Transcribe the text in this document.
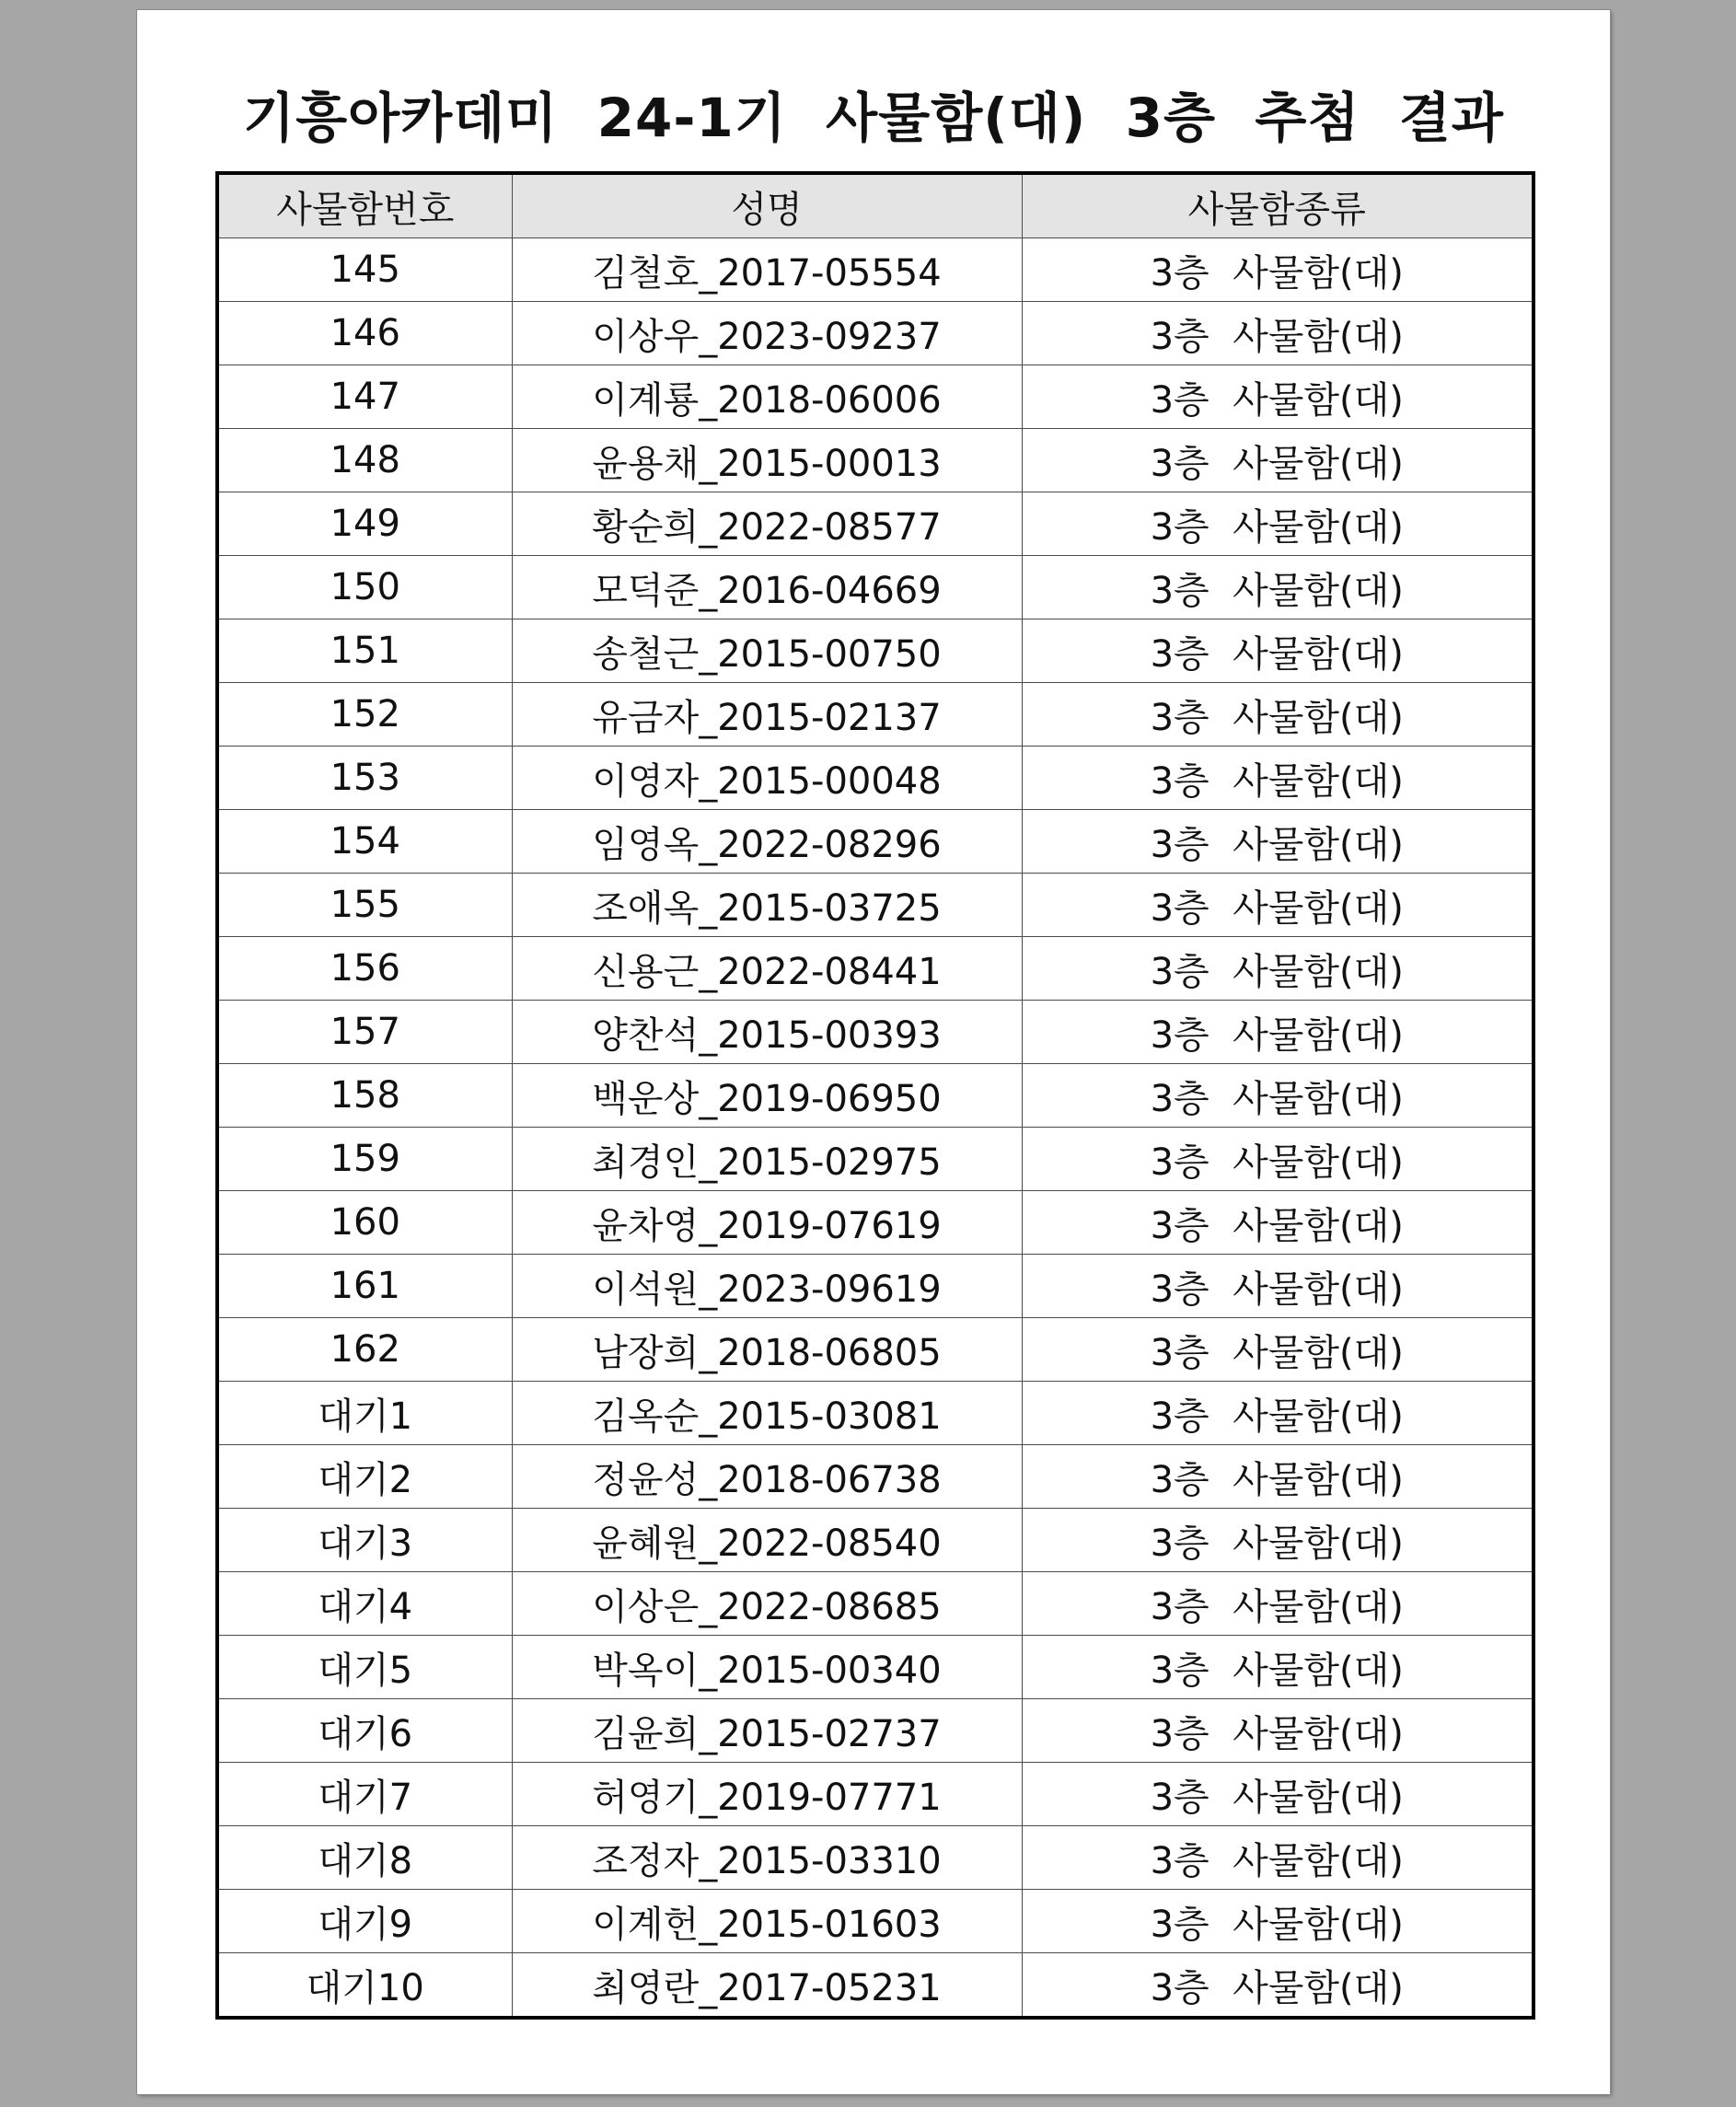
기흥아카데미  24-1기  사물함(대)  3층  추첨  결과
사물함번호	성명	사물함종류
145	김철호_2017-05554	3층  사물함(대)
146	이상우_2023-09237	3층  사물함(대)
147	이계룡_2018-06006	3층  사물함(대)
148	윤용채_2015-00013	3층  사물함(대)
149	황순희_2022-08577	3층  사물함(대)
150	모덕준_2016-04669	3층  사물함(대)
151	송철근_2015-00750	3층  사물함(대)
152	유금자_2015-02137	3층  사물함(대)
153	이영자_2015-00048	3층  사물함(대)
154	임영옥_2022-08296	3층  사물함(대)
155	조애옥_2015-03725	3층  사물함(대)
156	신용근_2022-08441	3층  사물함(대)
157	양찬석_2015-00393	3층  사물함(대)
158	백운상_2019-06950	3층  사물함(대)
159	최경인_2015-02975	3층  사물함(대)
160	윤차영_2019-07619	3층  사물함(대)
161	이석원_2023-09619	3층  사물함(대)
162	남장희_2018-06805	3층  사물함(대)
대기1	김옥순_2015-03081	3층  사물함(대)
대기2	정윤성_2018-06738	3층  사물함(대)
대기3	윤혜원_2022-08540	3층  사물함(대)
대기4	이상은_2022-08685	3층  사물함(대)
대기5	박옥이_2015-00340	3층  사물함(대)
대기6	김윤희_2015-02737	3층  사물함(대)
대기7	허영기_2019-07771	3층  사물함(대)
대기8	조정자_2015-03310	3층  사물함(대)
대기9	이계헌_2015-01603	3층  사물함(대)
대기10	최영란_2017-05231	3층  사물함(대)
